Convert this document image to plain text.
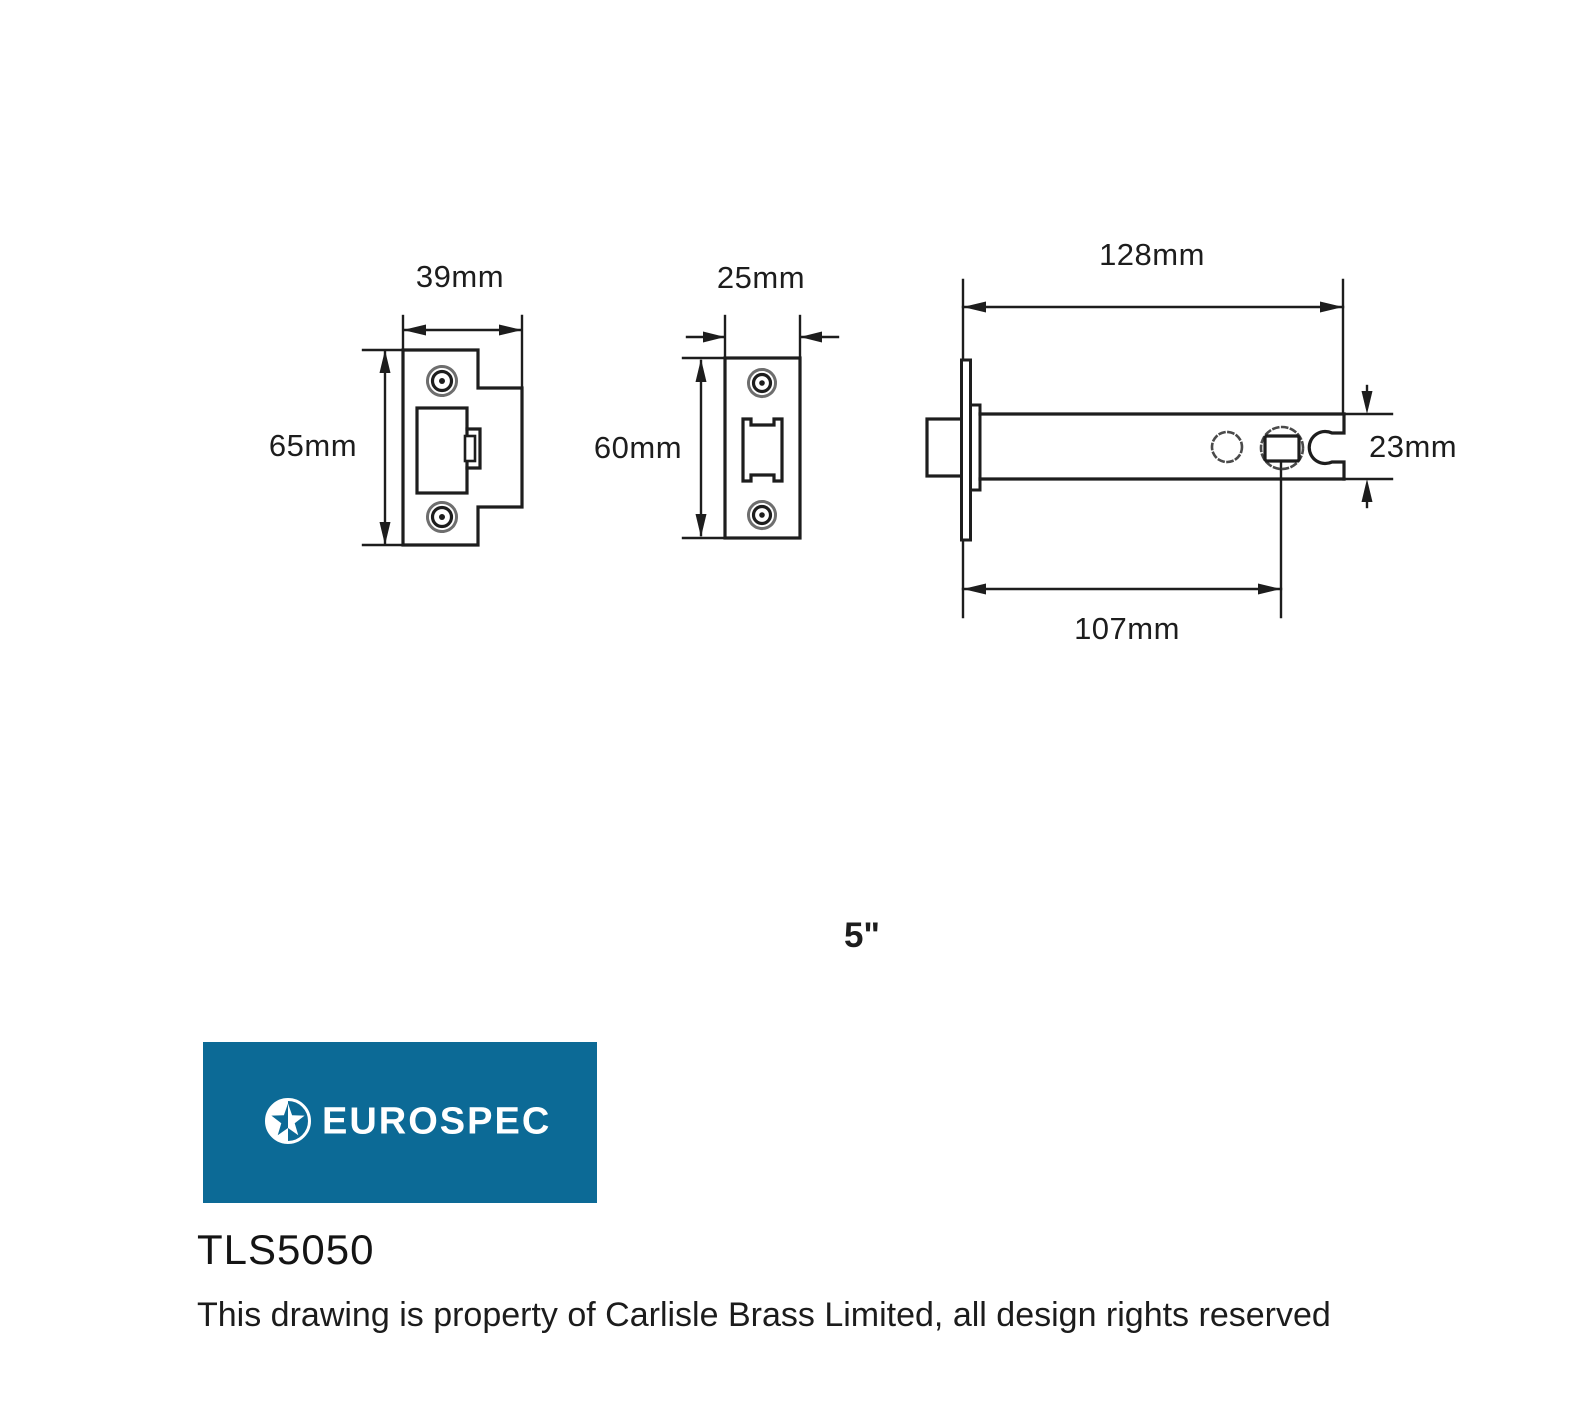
39mm
65mm
25mm
60mm
128mm
107mm
23mm
5"
EUROSPEC
TLS5050
This drawing is property of Carlisle Brass Limited, all design rights reserved
